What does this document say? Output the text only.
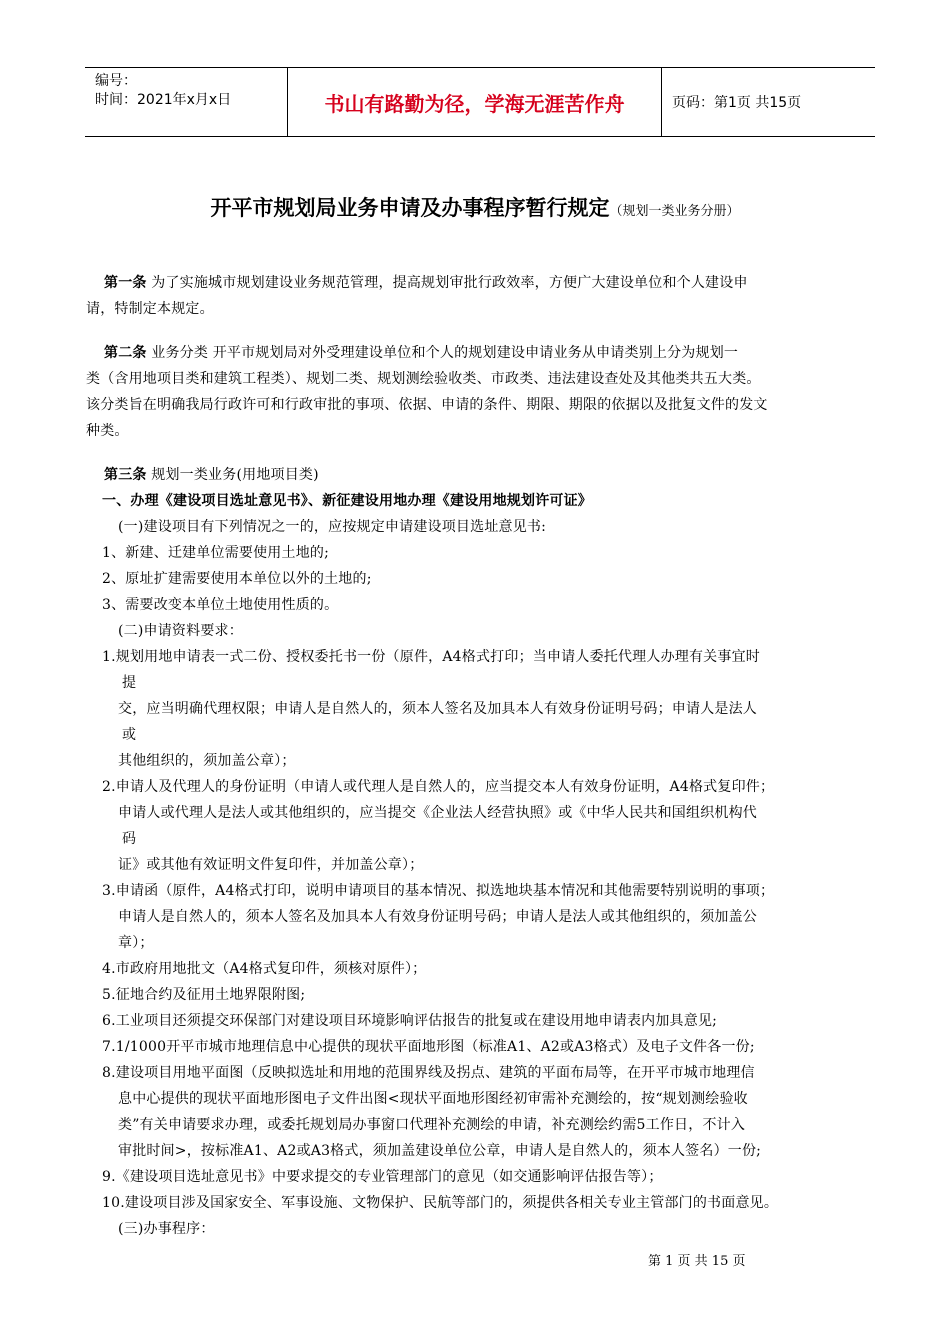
编号：
时间：2021年x月x日	书山有路勤为径，学海无涯苦作舟	页码：第1页 共15页
开平市规划局业务申请及办事程序暂行规定（规划一类业务分册）
第一条 为了实施城市规划建设业务规范管理，提高规划审批行政效率，方便广大建设单位和个人建设申
请，特制定本规定。
第二条 业务分类 开平市规划局对外受理建设单位和个人的规划建设申请业务从申请类别上分为规划一
类（含用地项目类和建筑工程类）、规划二类、规划测绘验收类、市政类、违法建设查处及其他类共五大类。
该分类旨在明确我局行政许可和行政审批的事项、依据、申请的条件、期限、期限的依据以及批复文件的发文
种类。
第三条 规划一类业务(用地项目类)
一、办理《建设项目选址意见书》、新征建设用地办理《建设用地规划许可证》
(一)建设项目有下列情况之一的，应按规定申请建设项目选址意见书:
1、新建、迁建单位需要使用土地的;
2、原址扩建需要使用本单位以外的土地的;
3、需要改变本单位土地使用性质的。
(二)申请资料要求：
1.规划用地申请表一式二份、授权委托书一份（原件，A4格式打印；当申请人委托代理人办理有关事宜时
提
交，应当明确代理权限；申请人是自然人的，须本人签名及加具本人有效身份证明号码；申请人是法人
或
其他组织的，须加盖公章）；
2.申请人及代理人的身份证明（申请人或代理人是自然人的，应当提交本人有效身份证明，A4格式复印件；
申请人或代理人是法人或其他组织的，应当提交《企业法人经营执照》或《中华人民共和国组织机构代
码
证》或其他有效证明文件复印件，并加盖公章）；
3.申请函（原件，A4格式打印，说明申请项目的基本情况、拟选地块基本情况和其他需要特别说明的事项；
申请人是自然人的，须本人签名及加具本人有效身份证明号码；申请人是法人或其他组织的，须加盖公
章）；
4.市政府用地批文（A4格式复印件，须核对原件）；
5.征地合约及征用土地界限附图;
6.工业项目还须提交环保部门对建设项目环境影响评估报告的批复或在建设用地申请表内加具意见;
7.1/1000开平市城市地理信息中心提供的现状平面地形图（标准A1、A2或A3格式）及电子文件各一份;
8.建设项目用地平面图（反映拟选址和用地的范围界线及拐点、建筑的平面布局等，在开平市城市地理信
息中心提供的现状平面地形图电子文件出图<现状平面地形图经初审需补充测绘的，按“规划测绘验收
类”有关申请要求办理，或委托规划局办事窗口代理补充测绘的申请，补充测绘约需5工作日，不计入
审批时间>，按标准A1、A2或A3格式，须加盖建设单位公章，申请人是自然人的，须本人签名）一份;
9.《建设项目选址意见书》中要求提交的专业管理部门的意见（如交通影响评估报告等）；
10.建设项目涉及国家安全、军事设施、文物保护、民航等部门的，须提供各相关专业主管部门的书面意见。
(三)办事程序：
第 1 页 共 15 页
